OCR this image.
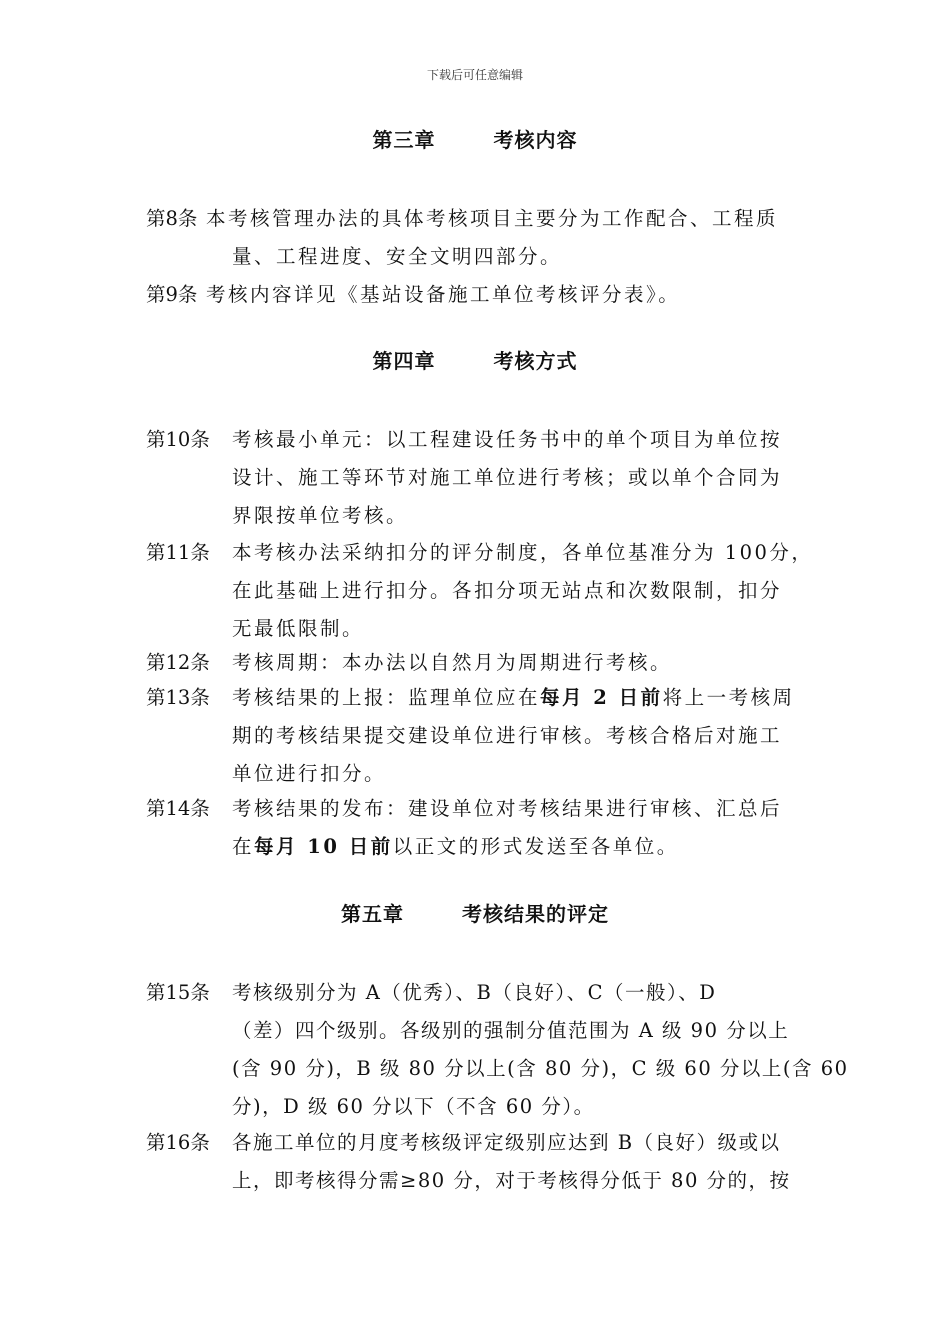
下载后可任意编辑
第三章	考核内容
第8条 本考核管理办法的具体考核项目主要分为工作配合、工程质
量、工程进度、安全文明四部分。
第9条 考核内容详见《基站设备施工单位考核评分表》。
第四章	考核方式
第10条 考核最小单元：以工程建设任务书中的单个项目为单位按
设计、施工等环节对施工单位进行考核；或以单个合同为
界限按单位考核。
第11条 本考核办法采纳扣分的评分制度，各单位基准分为 100分，
在此基础上进行扣分。各扣分项无站点和次数限制，扣分
无最低限制。
第12条 考核周期：本办法以自然月为周期进行考核。
第13条 考核结果的上报：监理单位应在每月 2 日前将上一考核周
期的考核结果提交建设单位进行审核。考核合格后对施工
单位进行扣分。
第14条 考核结果的发布：建设单位对考核结果进行审核、汇总后
在每月 10 日前以正文的形式发送至各单位。
第五章	考核结果的评定
第15条 考核级别分为 A（优秀）、B（良好）、C（一般）、D
（差）四个级别。各级别的强制分值范围为 A 级 90 分以上
(含 90 分)，B 级 80 分以上(含 80 分)，C 级 60 分以上(含 60
分)，D 级 60 分以下（不含 60 分）。
第16条 各施工单位的月度考核级评定级别应达到 B（良好）级或以
上，即考核得分需≥80 分，对于考核得分低于 80 分的，按
